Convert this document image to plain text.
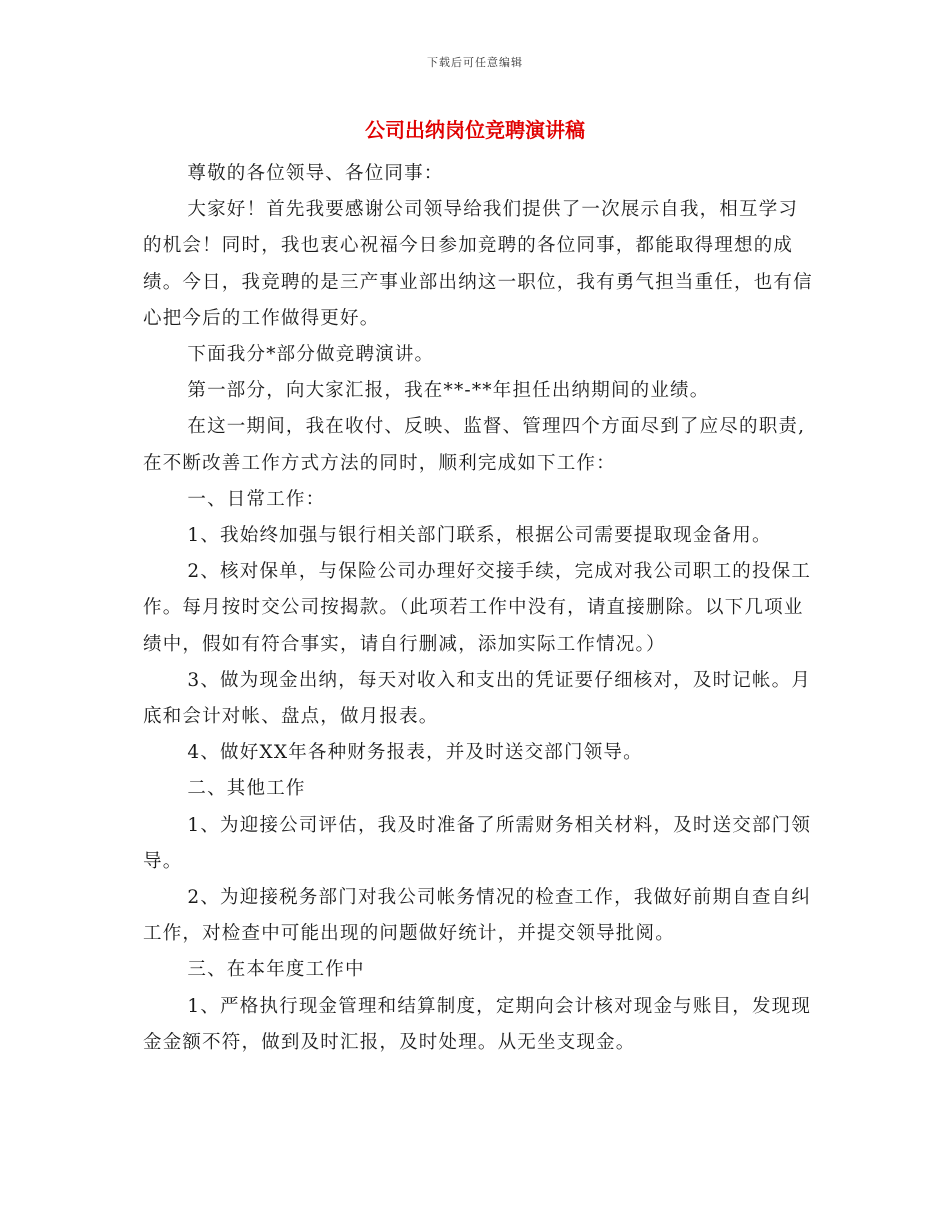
下载后可任意编辑
公司出纳岗位竞聘演讲稿

尊敬的各位领导、各位同事：

大家好！首先我要感谢公司领导给我们提供了一次展示自我，相互学习的机会！同时，我也衷心祝福今日参加竞聘的各位同事，都能取得理想的成绩。今日，我竞聘的是三产事业部出纳这一职位，我有勇气担当重任，也有信心把今后的工作做得更好。

下面我分*部分做竞聘演讲。

第一部分，向大家汇报，我在**-**年担任出纳期间的业绩。

在这一期间，我在收付、反映、监督、管理四个方面尽到了应尽的职责,在不断改善工作方式方法的同时，顺利完成如下工作：

一、日常工作：

1、我始终加强与银行相关部门联系，根据公司需要提取现金备用。

2、核对保单，与保险公司办理好交接手续，完成对我公司职工的投保工作。每月按时交公司按揭款。（此项若工作中没有，请直接删除。以下几项业绩中，假如有符合事实，请自行删减，添加实际工作情况。）

3、做为现金出纳，每天对收入和支出的凭证要仔细核对，及时记帐。月底和会计对帐、盘点，做月报表。

4、做好XX年各种财务报表，并及时送交部门领导。

二、其他工作

1、为迎接公司评估，我及时准备了所需财务相关材料，及时送交部门领导。

2、为迎接税务部门对我公司帐务情况的检查工作，我做好前期自查自纠工作，对检查中可能出现的问题做好统计，并提交领导批阅。

三、在本年度工作中

1、严格执行现金管理和结算制度，定期向会计核对现金与账目，发现现金金额不符，做到及时汇报，及时处理。从无坐支现金。
